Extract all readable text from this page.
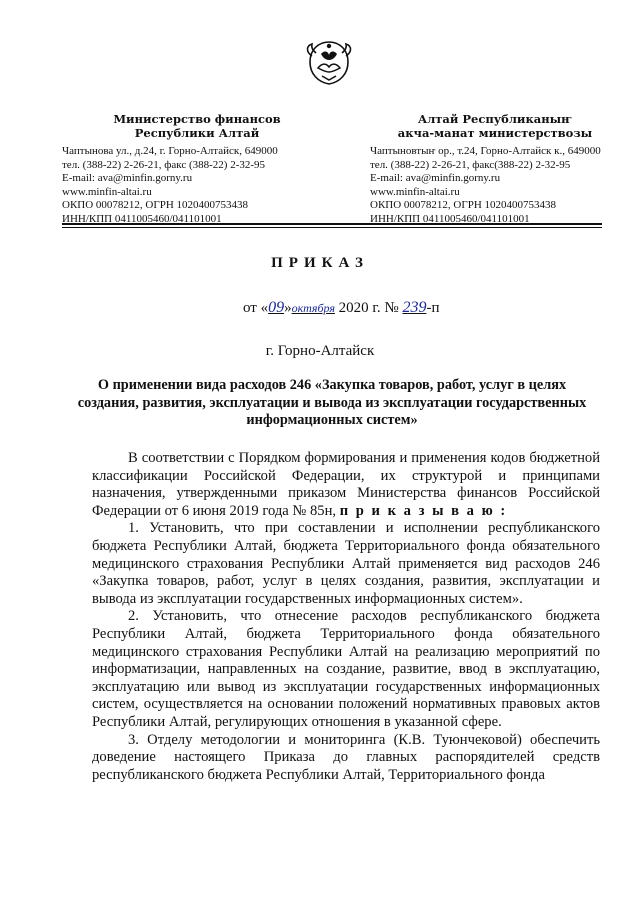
Министерство финансов
Республики Алтай
Чаптынова ул., д.24, г. Горно-Алтайск, 649000
тел. (388-22) 2-26-21, факс (388-22) 2-32-95
E-mail: ava@minfin.gorny.ru
www.minfin-altai.ru
ОКПО 00078212, ОГРН 1020400753438
ИНН/КПП 0411005460/041101001
Алтай Республиканыҥ
акча-манат министерствозы
Чаптыновтыҥ ор., т.24, Горно-Алтайск к., 649000
тел. (388-22) 2-26-21, факс(388-22) 2-32-95
E-mail: ava@minfin.gorny.ru
www.minfin-altai.ru
ОКПО 00078212, ОГРН 1020400753438
ИНН/КПП 0411005460/041101001
ПРИКАЗ
от «09»октября 2020 г. № 239-п
г. Горно-Алтайск
О применении вида расходов 246 «Закупка товаров, работ, услуг в целях создания, развития, эксплуатации и вывода из эксплуатации государственных информационных систем»

В соответствии с Порядком формирования и применения кодов бюджетной классификации Российской Федерации, их структурой и принципами назначения, утвержденными приказом Министерства финансов Российской Федерации от 6 июня 2019 года № 85н, п р и к а з ы в а ю :

1. Установить, что при составлении и исполнении республиканского бюджета Республики Алтай, бюджета Территориального фонда обязательного медицинского страхования Республики Алтай применяется вид расходов 246 «Закупка товаров, работ, услуг в целях создания, развития, эксплуатации и вывода из эксплуатации государственных информационных систем».

2. Установить, что отнесение расходов республиканского бюджета Республики Алтай, бюджета Территориального фонда обязательного медицинского страхования Республики Алтай на реализацию мероприятий по информатизации, направленных на создание, развитие, ввод в эксплуатацию, эксплуатацию или вывод из эксплуатации государственных информационных систем, осуществляется на основании положений нормативных правовых актов Республики Алтай, регулирующих отношения в указанной сфере.

3. Отделу методологии и мониторинга (К.В. Туюнчековой) обеспечить доведение настоящего Приказа до главных распорядителей средств республиканского бюджета Республики Алтай, Территориального фонда
